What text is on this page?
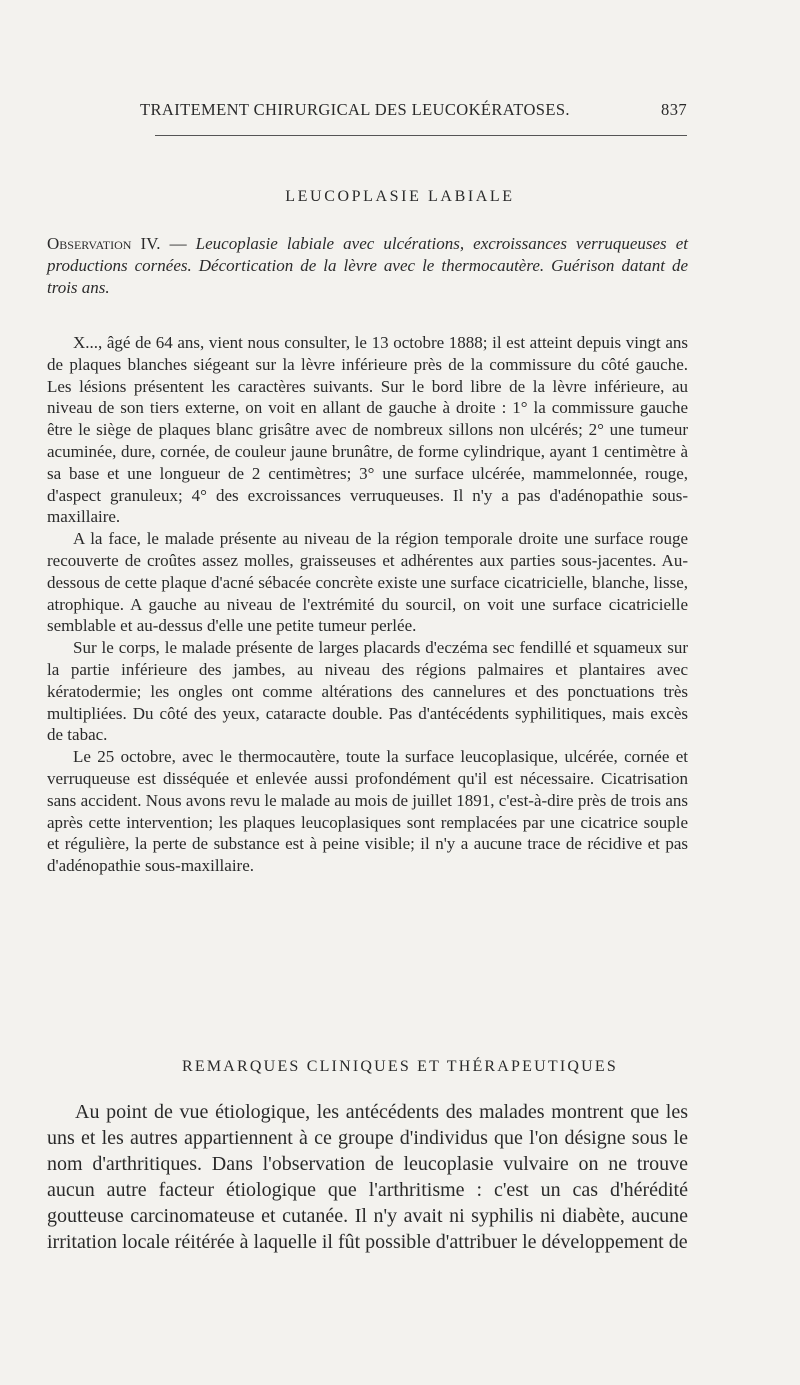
TRAITEMENT CHIRURGICAL DES LEUCOKÉRATOSES.	837
LEUCOPLASIE LABIALE

Observation IV. — Leucoplasie labiale avec ulcérations, excroissances verruqueuses et productions cornées. Décortication de la lèvre avec le thermocautère. Guérison datant de trois ans.

X..., âgé de 64 ans, vient nous consulter, le 13 octobre 1888; il est atteint depuis vingt ans de plaques blanches siégeant sur la lèvre inférieure près de la commissure du côté gauche. Les lésions présentent les caractères suivants. Sur le bord libre de la lèvre inférieure, au niveau de son tiers externe, on voit en allant de gauche à droite : 1° la commissure gauche être le siège de plaques blanc grisâtre avec de nombreux sillons non ulcérés; 2° une tumeur acuminée, dure, cornée, de couleur jaune brunâtre, de forme cylindrique, ayant 1 centimètre à sa base et une longueur de 2 centimètres; 3° une surface ulcérée, mammelonnée, rouge, d'aspect granuleux; 4° des excroissances verruqueuses. Il n'y a pas d'adénopathie sous-maxillaire.

A la face, le malade présente au niveau de la région temporale droite une surface rouge recouverte de croûtes assez molles, graisseuses et adhérentes aux parties sous-jacentes. Au-dessous de cette plaque d'acné sébacée concrète existe une surface cicatricielle, blanche, lisse, atrophique. A gauche au niveau de l'extrémité du sourcil, on voit une surface cicatricielle semblable et au-dessus d'elle une petite tumeur perlée.

Sur le corps, le malade présente de larges placards d'eczéma sec fendillé et squameux sur la partie inférieure des jambes, au niveau des régions palmaires et plantaires avec kératodermie; les ongles ont comme altérations des cannelures et des ponctuations très multipliées. Du côté des yeux, cataracte double. Pas d'antécédents syphilitiques, mais excès de tabac.

Le 25 octobre, avec le thermocautère, toute la surface leucoplasique, ulcérée, cornée et verruqueuse est disséquée et enlevée aussi profondément qu'il est nécessaire. Cicatrisation sans accident. Nous avons revu le malade au mois de juillet 1891, c'est-à-dire près de trois ans après cette intervention; les plaques leucoplasiques sont remplacées par une cicatrice souple et régulière, la perte de substance est à peine visible; il n'y a aucune trace de récidive et pas d'adénopathie sous-maxillaire.

REMARQUES CLINIQUES ET THÉRAPEUTIQUES

Au point de vue étiologique, les antécédents des malades montrent que les uns et les autres appartiennent à ce groupe d'individus que l'on désigne sous le nom d'arthritiques. Dans l'observation de leucoplasie vulvaire on ne trouve aucun autre facteur étiologique que l'arthritisme : c'est un cas d'hérédité goutteuse carcinomateuse et cutanée. Il n'y avait ni syphilis ni diabète, aucune irritation locale réitérée à laquelle il fût possible d'attribuer le développement de
